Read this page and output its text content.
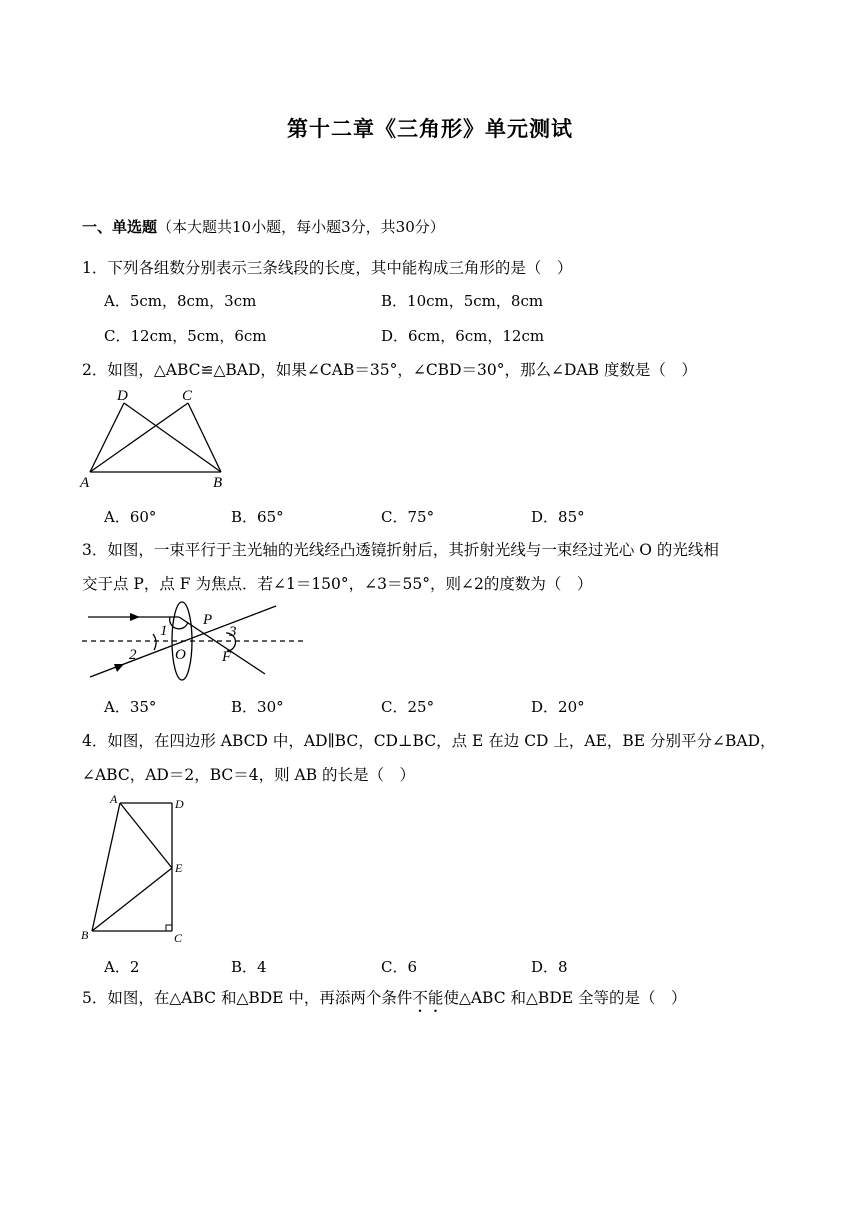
第十二章《三角形》单元测试
一、单选题（本大题共10小题，每小题3分，共30分）
1．下列各组数分别表示三条线段的长度，其中能构成三角形的是（　）
A．5cm，8cm，3cm	B．10cm，5cm，8cm
C．12cm，5cm，6cm	D．6cm，6cm，12cm
2．如图，△ABC≌△BAD，如果∠CAB＝35°，∠CBD＝30°，那么∠DAB 度数是（　）
D	C
A	B
A．60°	B．65°	C．75°	D．85°
3．如图，一束平行于主光轴的光线经凸透镜折射后，其折射光线与一束经过光心 O 的光线相
交于点 P，点 F 为焦点．若∠1＝150°，∠3＝55°，则∠2的度数为（　）
1
P
3
2	O F
A．35°	B．30°	C．25°	D．20°
4．如图，在四边形 ABCD 中，AD∥BC，CD⊥BC，点 E 在边 CD 上，AE，BE 分别平分∠BAD，
∠ABC，AD＝2，BC＝4，则 AB 的长是（　）
A	D
E
B	C
A．2	B．4	C．6	D．8
5．如图，在△ABC 和△BDE 中，再添两个条件不能使△ABC 和△BDE 全等的是（　）
